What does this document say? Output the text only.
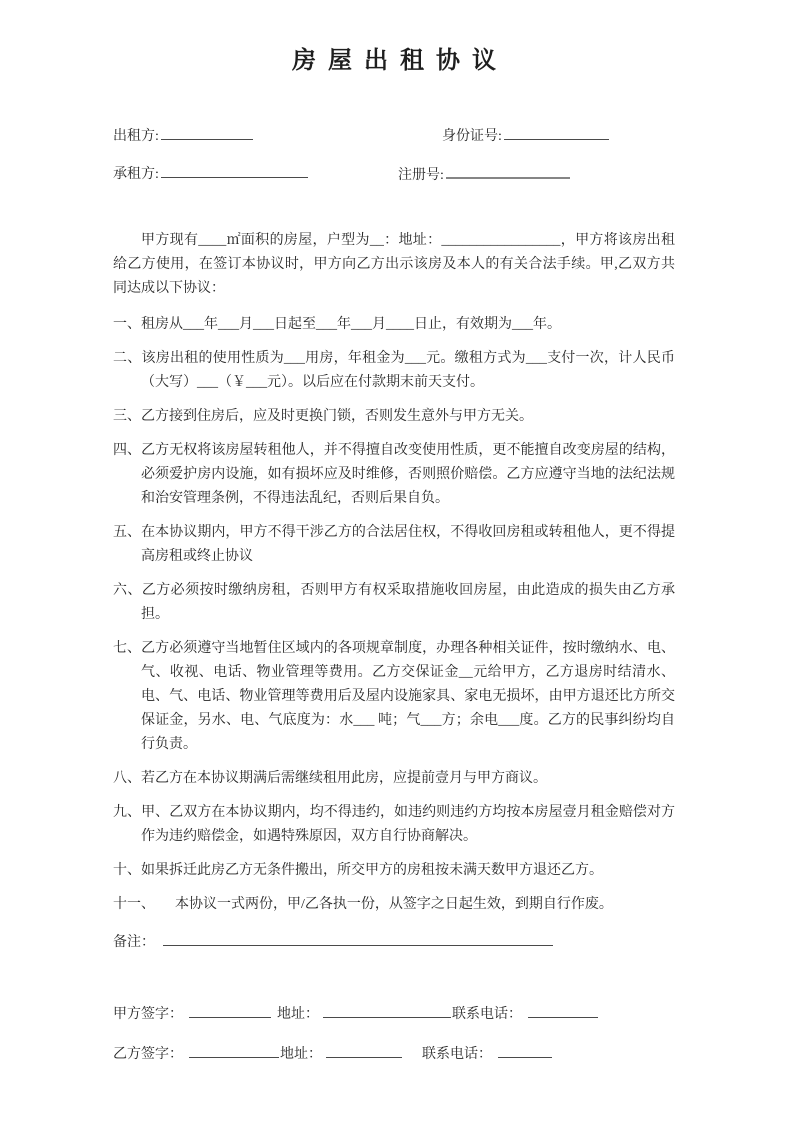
房屋出租协议
出租方:	身份证号:
承租方:	注册号:

甲方现有____㎡面积的房屋，户型为__：地址：_________________，甲方将该房出租给乙方使用，在签订本协议时，甲方向乙方出示该房及本人的有关合法手续。甲,乙双方共同达成以下协议：

一、租房从___年___月___日起至___年___月____日止，有效期为___年。

二、该房出租的使用性质为___用房，年租金为___元。缴租方式为___支付一次，计人民币（大写）___（￥___元）。以后应在付款期末前天支付。

三、乙方接到住房后，应及时更换门锁，否则发生意外与甲方无关。

四、乙方无权将该房屋转租他人，并不得擅自改变使用性质，更不能擅自改变房屋的结构，必须爱护房内设施，如有损坏应及时维修，否则照价赔偿。乙方应遵守当地的法纪法规和治安管理条例，不得违法乱纪，否则后果自负。

五、在本协议期内，甲方不得干涉乙方的合法居住权，不得收回房租或转租他人，更不得提高房租或终止协议

六、乙方必须按时缴纳房租，否则甲方有权采取措施收回房屋，由此造成的损失由乙方承担。

七、乙方必须遵守当地暂住区域内的各项规章制度，办理各种相关证件，按时缴纳水、电、气、收视、电话、物业管理等费用。乙方交保证金__元给甲方，乙方退房时结清水、电、气、电话、物业管理等费用后及屋内设施家具、家电无损坏，由甲方退还比方所交保证金，另水、电、气底度为：水___ 吨；气___方；余电___度。乙方的民事纠纷均自行负责。

八、若乙方在本协议期满后需继续租用此房，应提前壹月与甲方商议。

九、甲、乙双方在本协议期内，均不得违约，如违约则违约方均按本房屋壹月租金赔偿对方作为违约赔偿金，如遇特殊原因，双方自行协商解决。

十、如果拆迁此房乙方无条件搬出，所交甲方的房租按未满天数甲方退还乙方。

十一、 本协议一式两份，甲/乙各执一份，从签字之日起生效，到期自行作废。

备注：
甲方签字：	地址：	联系电话：
乙方签字：	地址：	联系电话：
